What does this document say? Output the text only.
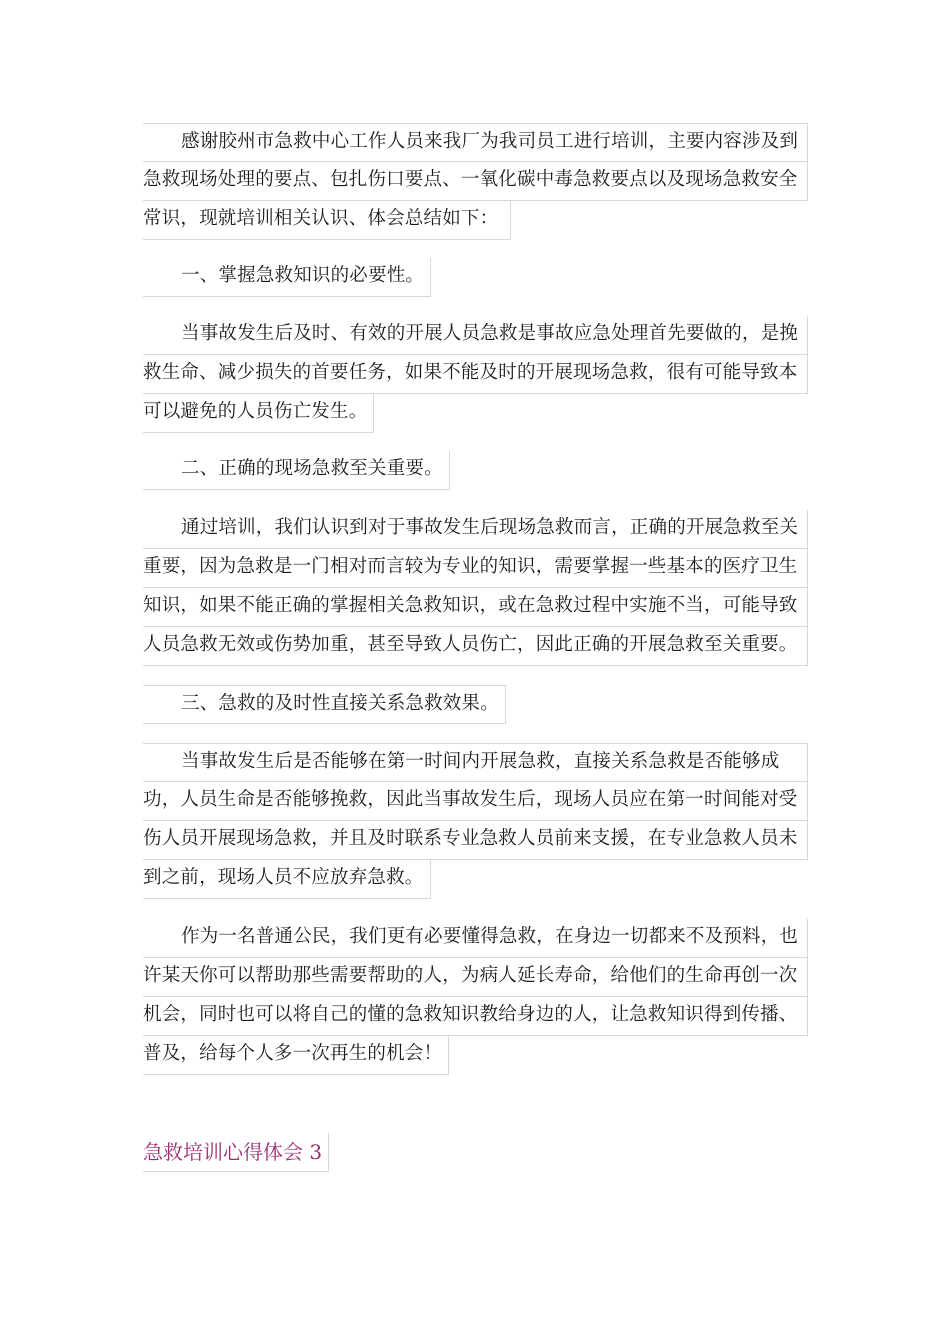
感谢胶州市急救中心工作人员来我厂为我司员工进行培训，主要内容涉及到
急救现场处理的要点、包扎伤口要点、一氧化碳中毒急救要点以及现场急救安全
常识，现就培训相关认识、体会总结如下：
一、掌握急救知识的必要性。
当事故发生后及时、有效的开展人员急救是事故应急处理首先要做的，是挽
救生命、减少损失的首要任务，如果不能及时的开展现场急救，很有可能导致本
可以避免的人员伤亡发生。
二、正确的现场急救至关重要。
通过培训，我们认识到对于事故发生后现场急救而言，正确的开展急救至关
重要，因为急救是一门相对而言较为专业的知识，需要掌握一些基本的医疗卫生
知识，如果不能正确的掌握相关急救知识，或在急救过程中实施不当，可能导致
人员急救无效或伤势加重，甚至导致人员伤亡，因此正确的开展急救至关重要。
三、急救的及时性直接关系急救效果。
当事故发生后是否能够在第一时间内开展急救，直接关系急救是否能够成
功，人员生命是否能够挽救，因此当事故发生后，现场人员应在第一时间能对受
伤人员开展现场急救，并且及时联系专业急救人员前来支援，在专业急救人员未
到之前，现场人员不应放弃急救。
作为一名普通公民，我们更有必要懂得急救，在身边一切都来不及预料，也
许某天你可以帮助那些需要帮助的人，为病人延长寿命，给他们的生命再创一次
机会，同时也可以将自己的懂的急救知识教给身边的人，让急救知识得到传播、
普及，给每个人多一次再生的机会！
急救培训心得体会 3
